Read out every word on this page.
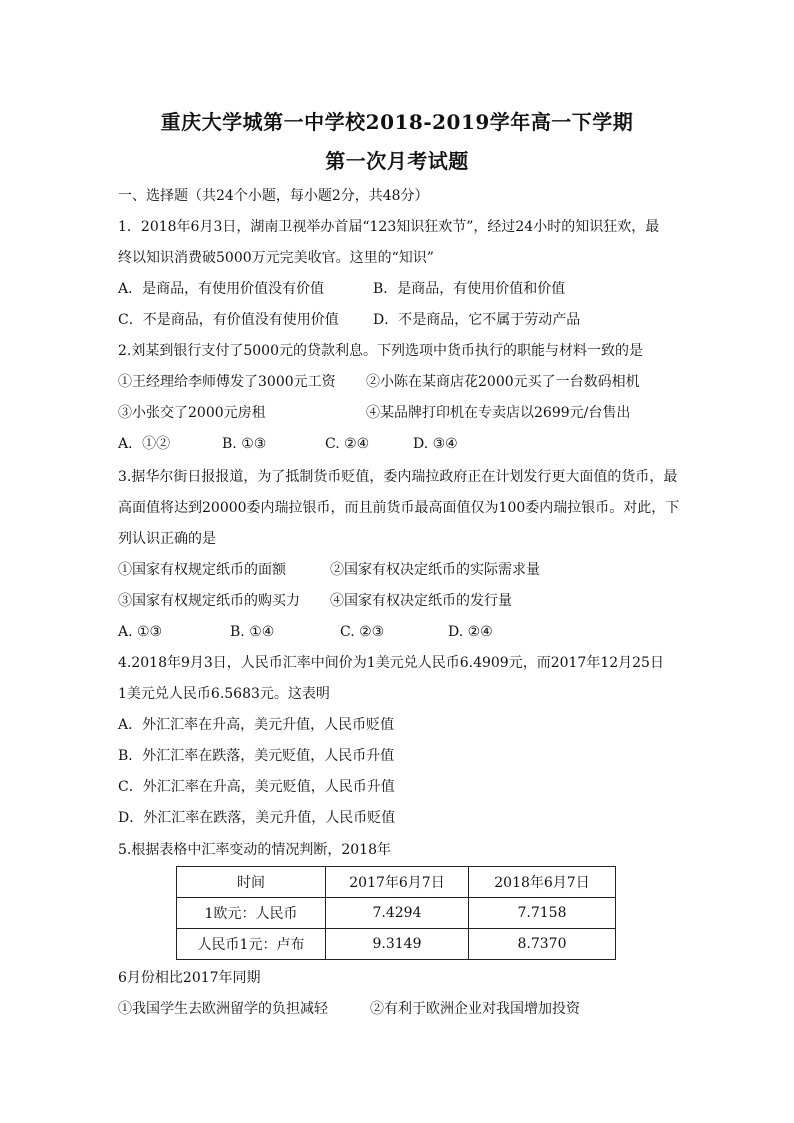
重庆大学城第一中学校2018-2019学年高一下学期
第一次月考试题
一、选择题（共24个小题，每小题2分，共48分）
1．2018年6月3日，湖南卫视举办首届“123知识狂欢节”，经过24小时的知识狂欢，最
终以知识消费破5000万元完美收官。这里的“知识”
A．是商品，有使用价值没有价值	B．是商品，有使用价值和价值
C．不是商品，有价值没有使用价值 D．不是商品，它不属于劳动产品
2.刘某到银行支付了5000元的贷款利息。下列选项中货币执行的职能与材料一致的是
①王经理给李师傅发了3000元工资 ②小陈在某商店花2000元买了一台数码相机
③小张交了2000元房租	④某品牌打印机在专卖店以2699元/台售出
A．①②	B. ①③	C. ②④	D. ③④
3.据华尔街日报报道，为了抵制货币贬值，委内瑞拉政府正在计划发行更大面值的货币，最
高面值将达到20000委内瑞拉银币，而且前货币最高面值仅为100委内瑞拉银币。对此，下
列认识正确的是
①国家有权规定纸币的面额	②国家有权决定纸币的实际需求量
③国家有权规定纸币的购买力 ④国家有权决定纸币的发行量
A. ①③	B. ①④	C. ②③	D. ②④
4.2018年9月3日，人民币汇率中间价为1美元兑人民币6.4909元，而2017年12月25日
1美元兑人民币6.5683元。这表明
A．外汇汇率在升高，美元升值，人民币贬值
B．外汇汇率在跌落，美元贬值，人民币升值
C．外汇汇率在升高，美元贬值，人民币升值
D．外汇汇率在跌落，美元升值，人民币贬值
5.根据表格中汇率变动的情况判断，2018年
时间	2017年6月7日	2018年6月7日
1欧元：人民币	7.4294	7.7158
人民币1元：卢布	9.3149	8.7370
6月份相比2017年同期
①我国学生去欧洲留学的负担减轻	②有利于欧洲企业对我国增加投资
